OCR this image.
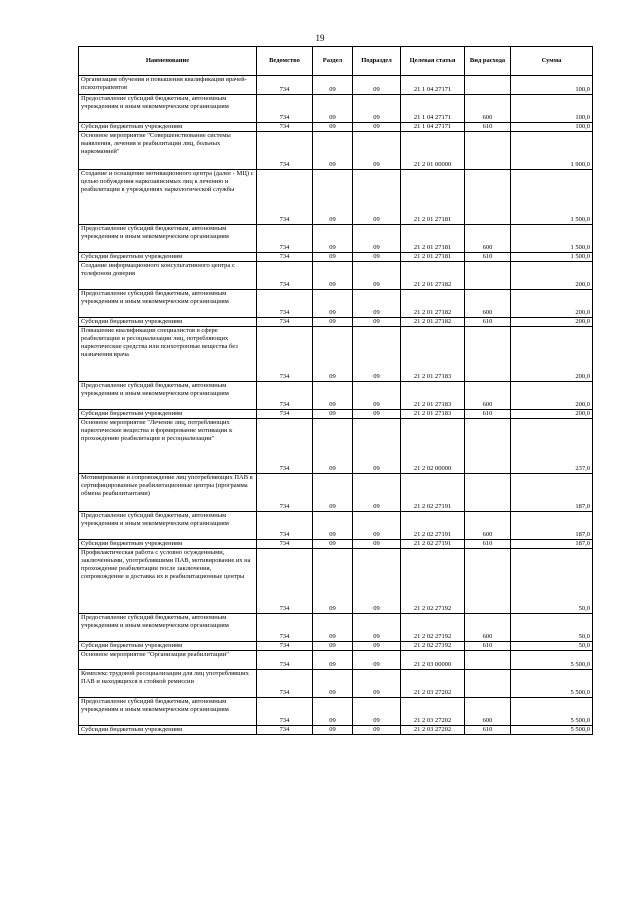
19
Наименование	Ведомство	Раздел	Подраздел	Целевая статья	Вид расхода	Сумма
Организация обучения и повышения квалификации врачей- психотерапевтов	734	09	09	21 1 04 27171		100,0
Предоставление субсидий бюджетным, автономным учреждениям и иным некоммерческим организациям	734	09	09	21 1 04 27171	600	100,0
Субсидии бюджетным учреждениям	734	09	09	21 1 04 27171	610	100,0
Основное мероприятие "Совершенствование системы выявления, лечения и реабилитации лиц, больных наркоманией"	734	09	09	21 2 01 00000		1 900,0
Создание и оснащение мотивационного центра (далее - МЦ) с целью побуждения наркозависимых лиц к лечению и реабилитации в учреждениях наркологической службы	734	09	09	21 2 01 27181		1 500,0
Предоставление субсидий бюджетным, автономным учреждениям и иным некоммерческим организациям	734	09	09	21 2 01 27181	600	1 500,0
Субсидии бюджетным учреждениям	734	09	09	21 2 01 27181	610	1 500,0
Создание информационного консультативного центра с телефоном доверия	734	09	09	21 2 01 27182		200,0
Предоставление субсидий бюджетным, автономным учреждениям и иным некоммерческим организациям	734	09	09	21 2 01 27182	600	200,0
Субсидии бюджетным учреждениям	734	09	09	21 2 01 27182	610	200,0
Повышение квалификации специалистов в сфере реабилитации и ресоциализации лиц, потребляющих наркотические средства или психотропные вещества без назначения врача	734	09	09	21 2 01 27183		200,0
Предоставление субсидий бюджетным, автономным учреждениям и иным некоммерческим организациям	734	09	09	21 2 01 27183	600	200,0
Субсидии бюджетным учреждениям	734	09	09	21 2 01 27183	610	200,0
Основное мероприятие "Лечение лиц, потребляющих наркотические вещества и формирование мотивации к прохождению реабилитации и ресоциализации"	734	09	09	21 2 02 00000		237,0
Мотивирование и сопровождение лиц употребляющих ПАВ в сертифицированные реабилитационные центры (программа обмена реабилитантами)	734	09	09	21 2 02 27191		187,0
Предоставление субсидий бюджетным, автономным учреждениям и иным некоммерческим организациям	734	09	09	21 2 02 27191	600	187,0
Субсидии бюджетным учреждениям	734	09	09	21 2 02 27191	610	187,0
Профилактическая работа с условно осужденными, заключенными, употреблявшими ПАВ, мотивирование их на прохождение реабилитации после заключения, сопровождение и доставка их в реабилитационные центры	734	09	09	21 2 02 27192		50,0
Предоставление субсидий бюджетным, автономным учреждениям и иным некоммерческим организациям	734	09	09	21 2 02 27192	600	50,0
Субсидии бюджетным учреждениям	734	09	09	21 2 02 27192	610	50,0
Основное мероприятие "Организация реабилитации"	734	09	09	21 2 03 00000		5 500,0
Комплекс трудовой ресоциализации для лиц употреблявших ПАВ и находящихся в стойкой ремиссии	734	09	09	21 2 03 27202		5 500,0
Предоставление субсидий бюджетным, автономным учреждениям и иным некоммерческим организациям	734	09	09	21 2 03 27202	600	5 500,0
Субсидии бюджетным учреждениям	734	09	09	21 2 03 27202	610	5 500,0
